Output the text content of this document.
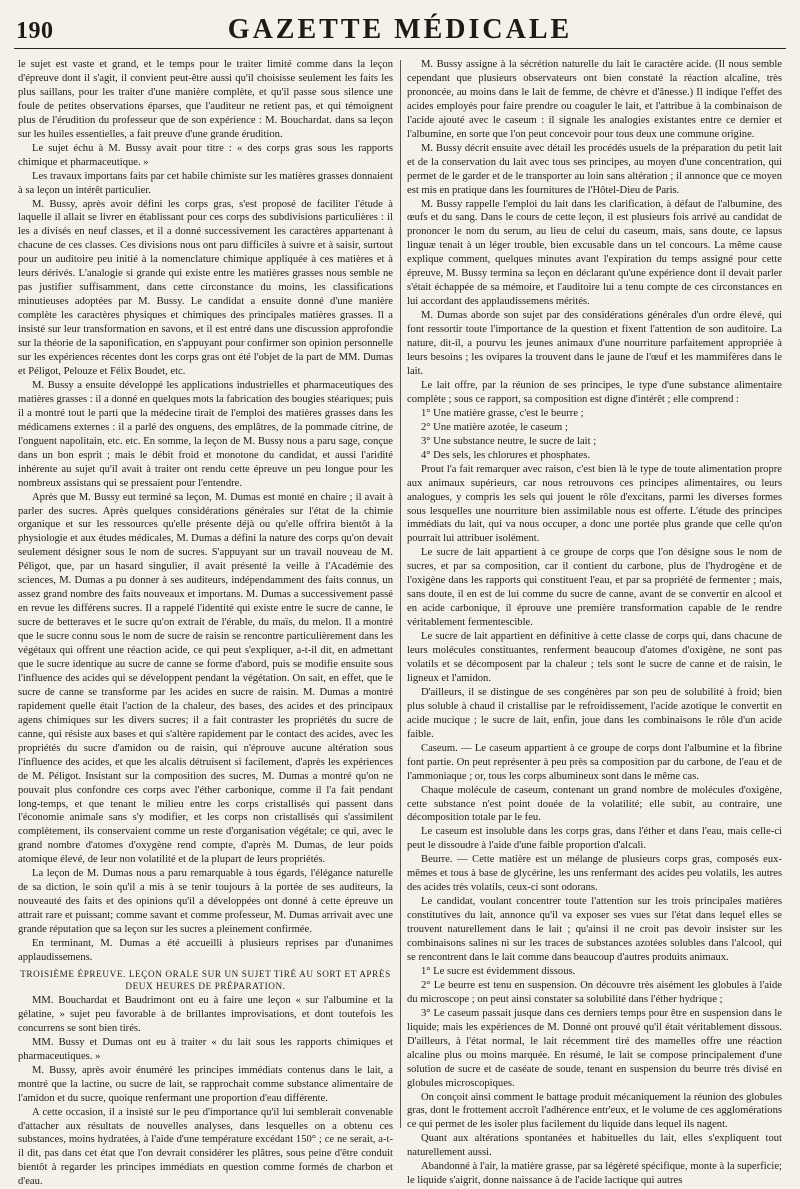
190	GAZETTE MÉDICALE

le sujet est vaste et grand, et le temps pour le traiter limité comme dans la leçon d'épreuve dont il s'agit, il convient peut-être aussi qu'il choisisse seulement les faits les plus saillans, pour les traiter d'une manière complète, et qu'il passe sous silence une foule de petites observations éparses, que l'auditeur ne retient pas, et qui témoignent plus de l'érudition du professeur que de son expérience : M. Bouchardat. dans sa leçon sur les huiles essentielles, a fait preuve d'une grande érudition.

Le sujet échu à M. Bussy avait pour titre : « des corps gras sous les rapports chimique et pharmaceutique. »

Les travaux importans faits par cet habile chimiste sur les matières grasses donnaient à sa leçon un intérêt particulier.

M. Bussy, après avoir défini les corps gras, s'est proposé de faciliter l'étude à laquelle il allait se livrer en établissant pour ces corps des subdivisions particulières : il les a divisés en neuf classes, et il a donné successivement les caractères appartenant à chacune de ces classes. Ces divisions nous ont paru difficiles à suivre et à saisir, surtout pour un auditoire peu initié à la nomenclature chimique appliquée à ces matières et à leurs dérivés. L'analogie si grande qui existe entre les matières grasses nous semble ne pas justifier suffisamment, dans cette circonstance du moins, les classifications minutieuses adoptées par M. Bussy. Le candidat a ensuite donné d'une manière complète les caractères physiques et chimiques des principales matières grasses. Il a insisté sur leur transformation en savons, et il est entré dans une discussion approfondie sur la théorie de la saponification, en s'appuyant pour confirmer son opinion personnelle sur les expériences récentes dont les corps gras ont été l'objet de la part de MM. Dumas et Péligot, Pelouze et Félix Boudet, etc.

M. Bussy a ensuite développé les applications industrielles et pharmaceutiques des matières grasses : il a donné en quelques mots la fabrication des bougies stéariques; puis il a montré tout le parti que la médecine tirait de l'emploi des matières grasses dans les médicamens externes : il a parlé des onguens, des emplâtres, de la pommade citrine, de l'onguent napolitain, etc. etc. En somme, la leçon de M. Bussy nous a paru sage, conçue dans un bon esprit ; mais le débit froid et monotone du candidat, et aussi l'aridité inhérente au sujet qu'il avait à traiter ont rendu cette épreuve un peu longue pour les nombreux assistans qui se pressaient pour l'entendre.

Après que M. Bussy eut terminé sa leçon, M. Dumas est monté en chaire ; il avait à parler des sucres. Après quelques considérations générales sur l'état de la chimie organique et sur les ressources qu'elle présente déjà ou qu'elle offrira bientôt à la physiologie et aux études médicales, M. Dumas a défini la nature des corps qu'on devait seulement désigner sous le nom de sucres. S'appuyant sur un travail nouveau de M. Péligot, que, par un hasard singulier, il avait présenté la veille à l'Académie des sciences, M. Dumas a pu donner à ses auditeurs, indépendamment des faits connus, un assez grand nombre des faits nouveaux et importans. M. Dumas a successivement passé en revue les différens sucres. Il a rappelé l'identité qui existe entre le sucre de canne, le sucre de betteraves et le sucre qu'on extrait de l'érable, du maïs, du melon. Il a montré que le sucre connu sous le nom de sucre de raisin se rencontre particulièrement dans les végétaux qui offrent une réaction acide, ce qui peut s'expliquer, a-t-il dit, en admettant que le sucre identique au sucre de canne se forme d'abord, puis se modifie ensuite sous l'influence des acides qui se développent pendant la végétation. On sait, en effet, que le sucre de canne se transforme par les acides en sucre de raisin. M. Dumas a montré rapidement quelle était l'action de la chaleur, des bases, des acides et des principaux agens chimiques sur les divers sucres; il a fait contraster les propriétés du sucre de canne, qui résiste aux bases et qui s'altère rapidement par le contact des acides, avec les propriétés du sucre d'amidon ou de raisin, qui n'éprouve aucune altération sous l'influence des acides, et que les alcalis détruisent si facilement, d'après les expériences de M. Péligot. Insistant sur la composition des sucres, M. Dumas a montré qu'on ne pouvait plus confondre ces corps avec l'éther carbonique, comme il l'a fait pendant long-temps, et que tenant le milieu entre les corps cristallisés qui passent dans l'économie animale sans s'y modifier, et les corps non cristallisés qui s'assimilent complètement, ils conservaient comme un reste d'organisation végétale; ce qui, avec le grand nombre d'atomes d'oxygène rend compte, d'après M. Dumas, de leur poids atomique élevé, de leur non volatilité et de la plupart de leurs propriétés.

La leçon de M. Dumas nous a paru remarquable à tous égards, l'élégance naturelle de sa diction, le soin qu'il a mis à se tenir toujours à la portée de ses auditeurs, la nouveauté des faits et des opinions qu'il a développées ont donné à cette épreuve un attrait rare et puissant; comme savant et comme professeur, M. Dumas arrivait avec une grande réputation que sa leçon sur les sucres a pleinement confirmée.

En terminant, M. Dumas a été accueilli à plusieurs reprises par d'unanimes applaudissemens.

TROISIÈME ÉPREUVE. LEÇON ORALE SUR UN SUJET TIRÉ AU SORT ET APRÈS DEUX HEURES DE PRÉPARATION.

MM. Bouchardat et Baudrimont ont eu à faire une leçon « sur l'albumine et la gélatine, » sujet peu favorable à de brillantes improvisations, et dont toutefois les concurrens se sont bien tirés.

MM. Bussy et Dumas ont eu à traiter « du lait sous les rapports chimiques et pharmaceutiques. »

M. Bussy, après avoir énuméré les principes immédiats contenus dans le lait, a montré que la lactine, ou sucre de lait, se rapprochait comme substance alimentaire de l'amidon et du sucre, quoique renfermant une proportion d'eau différente.

A cette occasion, il a insisté sur le peu d'importance qu'il lui semblerait convenable d'attacher aux résultats de nouvelles analyses, dans lesquelles on a obtenu ces substances, moins hydratées, à l'aide d'une température excédant 150° ; ce ne serait, a-t-il dit, pas dans cet état que l'on devrait considérer les plâtres, sous peine d'être conduit bientôt à regarder les principes immédiats en question comme formés de charbon et d'eau.

M. Bussy assigne à la sécrétion naturelle du lait le caractère acide. (Il nous semble cependant que plusieurs observateurs ont bien constaté la réaction alcaline, très prononcée, au moins dans le lait de femme, de chèvre et d'ânesse.) Il indique l'effet des acides employés pour faire prendre ou coaguler le lait, et l'attribue à la combinaison de l'acide ajouté avec le caseum : il signale les analogies existantes entre ce dernier et l'albumine, en sorte que l'on peut concevoir pour tous deux une commune origine.

M. Bussy décrit ensuite avec détail les procédés usuels de la préparation du petit lait et de la conservation du lait avec tous ses principes, au moyen d'une concentration, qui permet de le garder et de le transporter au loin sans altération ; il annonce que ce moyen est mis en pratique dans les fournitures de l'Hôtel-Dieu de Paris.

M. Bussy rappelle l'emploi du lait dans les clarification, à défaut de l'albumine, des œufs et du sang. Dans le cours de cette leçon, il est plusieurs fois arrivé au candidat de prononcer le nom du serum, au lieu de celui du caseum, mais, sans doute, ce lapsus linguæ tenait à un léger trouble, bien excusable dans un tel concours. La même cause explique comment, quelques minutes avant l'expiration du temps assigné pour cette épreuve, M. Bussy termina sa leçon en déclarant qu'une expérience dont il devait parler s'était échappée de sa mémoire, et l'auditoire lui a tenu compte de ces circonstances en lui accordant des applaudissemens mérités.

M. Dumas aborde son sujet par des considérations générales d'un ordre élevé, qui font ressortir toute l'importance de la question et fixent l'attention de son auditoire. La nature, dit-il, a pourvu les jeunes animaux d'une nourriture parfaitement appropriée à leurs besoins ; les ovipares la trouvent dans le jaune de l'œuf et les mammifères dans le lait.

Le lait offre, par la réunion de ses principes, le type d'une substance alimentaire complète ; sous ce rapport, sa composition est digne d'intérêt ; elle comprend :

1° Une matière grasse, c'est le beurre ;

2° Une matière azotée, le caseum ;

3° Une substance neutre, le sucre de lait ;

4° Des sels, les chlorures et phosphates.

Prout l'a fait remarquer avec raison, c'est bien là le type de toute alimentation propre aux animaux supérieurs, car nous retrouvons ces principes alimentaires, ou leurs analogues, y compris les sels qui jouent le rôle d'excitans, parmi les diverses formes sous lesquelles une nourriture bien assimilable nous est offerte. L'étude des principes immédiats du lait, qui va nous occuper, a donc une portée plus grande que celle qu'on pourrait lui attribuer isolément.

Le sucre de lait appartient à ce groupe de corps que l'on désigne sous le nom de sucres, et par sa composition, car il contient du carbone, plus de l'hydrogène et de l'oxigène dans les rapports qui constituent l'eau, et par sa propriété de fermenter ; mais, sans doute, il en est de lui comme du sucre de canne, avant de se convertir en alcool et en acide carbonique, il éprouve une première transformation capable de le rendre véritablement fermentescible.

Le sucre de lait appartient en définitive à cette classe de corps qui, dans chacune de leurs molécules constituantes, renferment beaucoup d'atomes d'oxigène, ne sont pas volatils et se décomposent par la chaleur ; tels sont le sucre de canne et de raisin, le ligneux et l'amidon.

D'ailleurs, il se distingue de ses congénères par son peu de solubilité à froid; bien plus soluble à chaud il cristallise par le refroidissement, l'acide azotique le convertit en acide mucique ; le sucre de lait, enfin, joue dans les combinaisons le rôle d'un acide faible.

Caseum. — Le caseum appartient à ce groupe de corps dont l'albumine et la fibrine font partie. On peut représenter à peu près sa composition par du carbone, de l'eau et de l'ammoniaque ; or, tous les corps albumineux sont dans le même cas.

Chaque molécule de caseum, contenant un grand nombre de molécules d'oxigène, cette substance n'est point douée de la volatilité; elle subit, au contraire, une décomposition totale par le feu.

Le caseum est insoluble dans les corps gras, dans l'éther et dans l'eau, mais celle-ci peut le dissoudre à l'aide d'une faible proportion d'alcali.

Beurre. — Cette matière est un mélange de plusieurs corps gras, composés eux-mêmes et tous à base de glycérine, les uns renfermant des acides peu volatils, les autres des acides très volatils, ceux-ci sont odorans.

Le candidat, voulant concentrer toute l'attention sur les trois principales matières constitutives du lait, annonce qu'il va exposer ses vues sur l'état dans lequel elles se trouvent naturellement dans le lait ; qu'ainsi il ne croit pas devoir insister sur les combinaisons salines ni sur les traces de substances azotées solubles dans l'alcool, qui se rencontrent dans le lait comme dans beaucoup d'autres produits animaux.

1° Le sucre est évidemment dissous.

2° Le beurre est tenu en suspension. On découvre très aisément les globules à l'aide du microscope ; on peut ainsi constater sa solubilité dans l'éther hydrique ;

3° Le caseum passait jusque dans ces derniers temps pour être en suspension dans le liquide; mais les expériences de M. Donné ont prouvé qu'il était véritablement dissous. D'ailleurs, à l'état normal, le lait récemment tiré des mamelles offre une réaction alcaline plus ou moins marquée. En résumé, le lait se compose principalement d'une solution de sucre et de caséate de soude, tenant en suspension du beurre très divisé en globules microscopiques.

On conçoit ainsi comment le battage produit mécaniquement la réunion des globules gras, dont le frottement accroît l'adhérence entr'eux, et le volume de ces agglomérations ce qui permet de les isoler plus facilement du liquide dans lequel ils nagent.

Quant aux altérations spontanées et habituelles du lait, elles s'expliquent tout naturellement aussi.

Abandonné à l'air, la matière grasse, par sa légèreté spécifique, monte à la superficie; le liquide s'aigrit, donne naissance à de l'acide lactique qui autres
